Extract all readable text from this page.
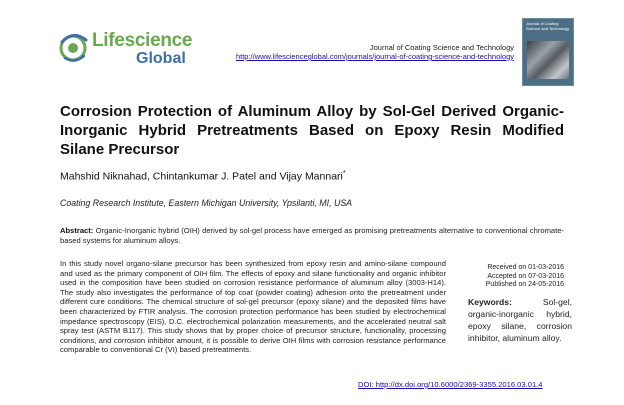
Lifescience
Global
Journal of Coating Science and Technology
http://www.lifescienceglobal.com/journals/journal-of-coating-science-and-technology
Journal of Coating Science and Technology
Corrosion Protection of Aluminum Alloy by Sol-Gel Derived Organic-Inorganic Hybrid Pretreatments Based on Epoxy Resin Modified Silane Precursor
Mahshid Niknahad, Chintankumar J. Patel and Vijay Mannari*
Coating Research Institute, Eastern Michigan University, Ypsilanti, MI, USA
Abstract: Organic-Inorganic hybrid (OIH) derived by sol-gel process have emerged as promising pretreatments alternative to conventional chromate-based systems for aluminum alloys.
In this study novel organo-silane precursor has been synthesized from epoxy resin and amino-silane compound and used as the primary component of OIH film. The effects of epoxy and silane functionality and organic inhibitor used in the composition have been studied on corrosion resistance performance of aluminum alloy (3003-H14). The study also investigates the performance of top coat (powder coating) adhesion onto the pretreatment under different cure conditions. The chemical structure of sol-gel precursor (epoxy silane) and the deposited films have been characterized by FTIR analysis. The corrosion protection performance has been studied by electrochemical impedance spectroscopy (EIS), D.C. electrochemical polarization measurements, and the accelerated neutral salt spray test (ASTM B117). This study shows that by proper choice of precursor structure, functionality, processing conditions, and corrosion inhibitor amount, it is possible to derive OIH films with corrosion resistance performance comparable to conventional Cr (VI) based pretreatments.
Received on 01-03-2016
Accepted on 07-03-2016
Published on 24-05-2016
Keywords: Sol-gel, organic-inorganic hybrid, epoxy silane, corrosion inhibitor, aluminum alloy.
DOI: http://dx.doi.org/10.6000/2369-3355.2016.03.01.4
